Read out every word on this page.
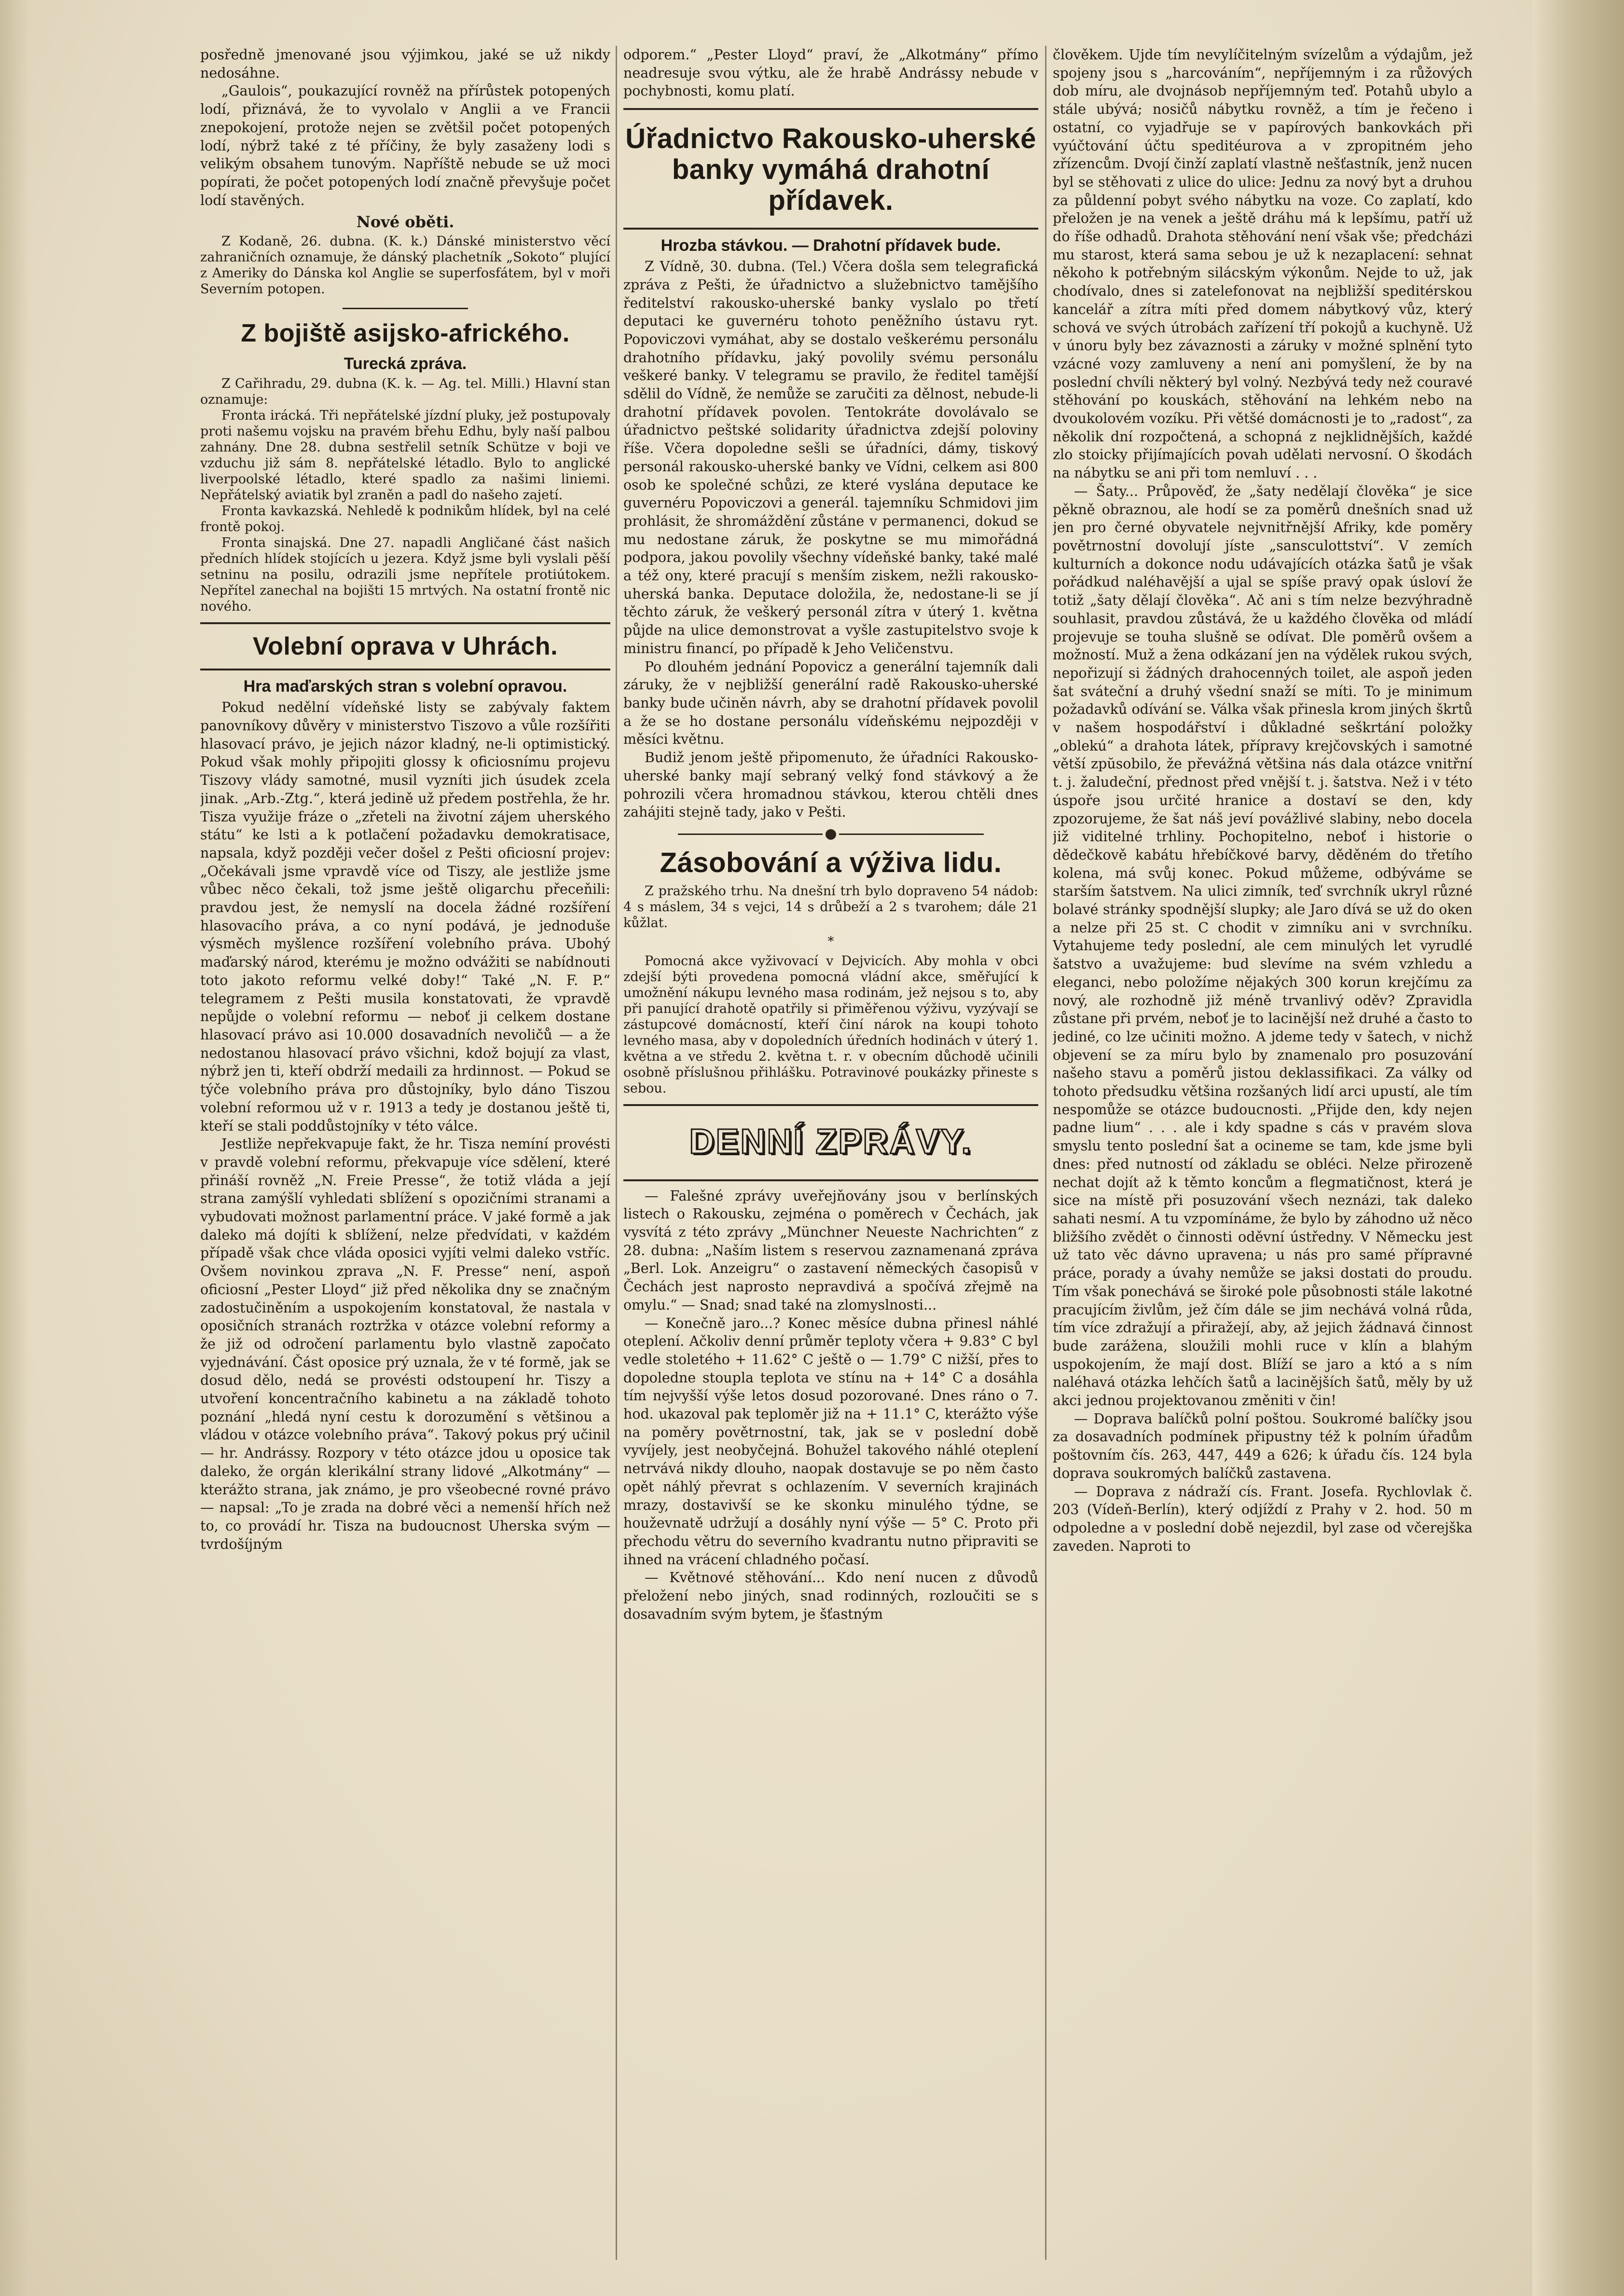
posředně jmenované jsou výjimkou, jaké se už nikdy nedosáhne.

„Gaulois“, poukazující rovněž na přírůstek potopených lodí, přiznává, že to vyvolalo v Anglii a ve Francii znepokojení, protože nejen se zvětšil počet potopených lodí, nýbrž také z té příčiny, že byly zasaženy lodi s velikým obsahem tunovým. Napříště nebude se už moci popírati, že počet potopených lodí značně převyšuje počet lodí stavěných.

Nové oběti.

Z Kodaně, 26. dubna. (K. k.) Dánské ministerstvo věcí zahraničních oznamuje, že dánský plachetník „Sokoto“ plující z Ameriky do Dánska kol Anglie se superfosfátem, byl v moři Severním potopen.

Z bojiště asijsko-afrického.
Turecká zpráva.

Z Cařihradu, 29. dubna (K. k. — Ag. tel. Milli.) Hlavní stan oznamuje:

Fronta irácká. Tři nepřátelské jízdní pluky, jež postupovaly proti našemu vojsku na pravém břehu Edhu, byly naší palbou zahnány. Dne 28. dubna sestřelil setník Schütze v boji ve vzduchu již sám 8. nepřátelské létadlo. Bylo to anglické liverpoolské létadlo, které spadlo za našimi liniemi. Nepřátelský aviatik byl zraněn a padl do našeho zajetí.

Fronta kavkazská. Nehledě k podnikům hlídek, byl na celé frontě pokoj.

Fronta sinajská. Dne 27. napadli Angličané část našich předních hlídek stojících u jezera. Když jsme byli vyslali pěší setninu na posilu, odrazili jsme nepřítele protiútokem. Nepřítel zanechal na bojišti 15 mrtvých. Na ostatní frontě nic nového.

Volební oprava v Uhrách.
Hra maďarských stran s volební opravou.

Pokud nedělní vídeňské listy se zabývaly faktem panovníkovy důvěry v ministerstvo Tiszovo a vůle rozšířiti hlasovací právo, je jejich názor kladný, ne-li optimistický. Pokud však mohly připojiti glossy k oficiosnímu projevu Tiszovy vlády samotné, musil vyzníti jich úsudek zcela jinak. „Arb.-Ztg.“, která jedině už předem postřehla, že hr. Tisza využije fráze o „zřeteli na životní zájem uherského státu“ ke lsti a k potlačení požadavku demokratisace, napsala, když později večer došel z Pešti oficiosní projev: „Očekávali jsme vpravdě více od Tiszy, ale jestliže jsme vůbec něco čekali, tož jsme ještě oligarchu přeceňili: pravdou jest, že nemyslí na docela žádné rozšíření hlasovacího práva, a co nyní podává, je jednoduše výsměch myšlence rozšíření volebního práva. Ubohý maďarský národ, kterému je možno odvážiti se nabídnouti toto jakoto reformu velké doby!“ Také „N. F. P.“ telegramem z Pešti musila konstatovati, že vpravdě nepůjde o volební reformu — neboť ji celkem dostane hlasovací právo asi 10.000 dosavadních nevoličů — a že nedostanou hlasovací právo všichni, kdož bojují za vlast, nýbrž jen ti, kteří obdrží medaili za hrdinnost. — Pokud se týče volebního práva pro důstojníky, bylo dáno Tiszou volební reformou už v r. 1913 a tedy je dostanou ještě ti, kteří se stali poddůstojníky v této válce.

Jestliže nepřekvapuje fakt, že hr. Tisza nemíní provésti v pravdě volební reformu, překvapuje více sdělení, které přináší rovněž „N. Freie Presse“, že totiž vláda a její strana zamýšlí vyhledati sblížení s opozičními stranami a vybudovati možnost parlamentní práce. V jaké formě a jak daleko má dojíti k sblížení, nelze předvídati, v každém případě však chce vláda oposici vyjíti velmi daleko vstříc. Ovšem novinkou zprava „N. F. Presse“ není, aspoň oficiosní „Pester Lloyd“ již před několika dny se značným zadostučiněním a uspokojením konstatoval, že nastala v oposičních stranách roztržka v otázce volební reformy a že již od odročení parlamentu bylo vlastně započato vyjednávání. Část oposice prý uznala, že v té formě, jak se dosud dělo, nedá se provésti odstoupení hr. Tiszy a utvoření koncentračního kabinetu a na základě tohoto poznání „hledá nyní cestu k dorozumění s většinou a vládou v otázce volebního práva“. Takový pokus prý učinil — hr. Andrássy. Rozpory v této otázce jdou u oposice tak daleko, že orgán klerikální strany lidové „Alkotmány“ — kterážto strana, jak známo, je pro všeobecné rovné právo — napsal: „To je zrada na dobré věci a nemenší hřích než to, co provádí hr. Tisza na budoucnost Uherska svým — tvrdošíjným

odporem.“ „Pester Lloyd“ praví, že „Alkotmány“ přímo neadresuje svou výtku, ale že hrabě Andrássy nebude v pochybnosti, komu platí.

Úřadnictvo Rakousko-uherské banky vymáhá drahotní přídavek.
Hrozba stávkou. — Drahotní přídavek bude.

Z Vídně, 30. dubna. (Tel.) Včera došla sem telegrafická zpráva z Pešti, že úřadnictvo a služebnictvo tamějšího ředitelství rakousko-uherské banky vyslalo po třetí deputaci ke guvernéru tohoto peněžního ústavu ryt. Popoviczovi vymáhat, aby se dostalo veškerému personálu drahotního přídavku, jaký povolily svému personálu veškeré banky. V telegramu se pravilo, že ředitel tamější sdělil do Vídně, že nemůže se zaručiti za dělnost, nebude-li drahotní přídavek povolen. Tentokráte dovolávalo se úřadnictvo peštské solidarity úřadnictva zdejší poloviny říše. Včera dopoledne sešli se úřadníci, dámy, tiskový personál rakousko-uherské banky ve Vídni, celkem asi 800 osob ke společné schůzi, ze které vyslána deputace ke guvernéru Popoviczovi a generál. tajemníku Schmidovi jim prohlásit, že shromáždění zůstáne v permanenci, dokud se mu nedostane záruk, že poskytne se mu mimořádná podpora, jakou povolily všechny vídeňské banky, také malé a též ony, které pracují s menším ziskem, nežli rakousko-uherská banka. Deputace doložila, že, nedostane-li se jí těchto záruk, že veškerý personál zítra v úterý 1. května půjde na ulice demonstrovat a vyšle zastupitelstvo svoje k ministru financí, po případě k Jeho Veličenstvu.

Po dlouhém jednání Popovicz a generální tajemník dali záruky, že v nejbližší generální radě Rakousko-uherské banky bude učiněn návrh, aby se drahotní přídavek povolil a že se ho dostane personálu vídeňskému nejpozději v měsíci květnu.

Budiž jenom ještě připomenuto, že úřadníci Rakousko-uherské banky mají sebraný velký fond stávkový a že pohrozili včera hromadnou stávkou, kterou chtěli dnes zahájiti stejně tady, jako v Pešti.

Zásobování a výživa lidu.

Z pražského trhu. Na dnešní trh bylo dopraveno 54 nádob: 4 s máslem, 34 s vejci, 14 s drůbeží a 2 s tvarohem; dále 21 kůžlat.

*

Pomocná akce vyživovací v Dejvicích. Aby mohla v obci zdejší býti provedena pomocná vládní akce, směřující k umožnění nákupu levného masa rodinám, jež nejsou s to, aby při panující drahotě opatřily si přiměřenou výživu, vyzývají se zástupcové domácností, kteří činí nárok na koupi tohoto levného masa, aby v dopoledních úředních hodinách v úterý 1. května a ve středu 2. května t. r. v obecním důchodě učinili osobně příslušnou přihlášku. Potravinové poukázky přineste s sebou.

DENNÍ ZPRÁVY.

— Falešné zprávy uveřejňovány jsou v berlínských listech o Rakousku, zejména o poměrech v Čechách, jak vysvítá z této zprávy „Münchner Neueste Nachrichten“ z 28. dubna: „Naším listem s reservou zaznamenaná zpráva „Berl. Lok. Anzeigru“ o zastavení německých časopisů v Čechách jest naprosto nepravdivá a spočívá zřejmě na omylu.“ — Snad; snad také na zlomyslnosti...

— Konečně jaro...? Konec měsíce dubna přinesl náhlé oteplení. Ačkoliv denní průměr teploty včera + 9.83° C byl vedle stoletého + 11.62° C ještě o — 1.79° C nižší, přes to dopoledne stoupla teplota ve stínu na + 14° C a dosáhla tím nejvyšší výše letos dosud pozorované. Dnes ráno o 7. hod. ukazoval pak teploměr již na + 11.1° C, kterážto výše na poměry povětrnostní, tak, jak se v poslední době vyvíjely, jest neobyčejná. Bohužel takového náhlé oteplení netrvává nikdy dlouho, naopak dostavuje se po něm často opět náhlý převrat s ochlazením. V severních krajinách mrazy, dostavivší se ke skonku minulého týdne, se houževnatě udržují a dosáhly nyní výše — 5° C. Proto při přechodu větru do severního kvadrantu nutno připraviti se ihned na vrácení chladného počasí.

— Květnové stěhování... Kdo není nucen z důvodů přeložení nebo jiných, snad rodinných, rozloučiti se s dosavadním svým bytem, je šťastným

člověkem. Ujde tím nevylíčitelným svízelům a výdajům, jež spojeny jsou s „harcováním“, nepříjemným i za růžových dob míru, ale dvojnásob nepříjemným teď. Potahů ubylo a stále ubývá; nosičů nábytku rovněž, a tím je řečeno i ostatní, co vyjadřuje se v papírových bankovkách při vyúčtování účtu speditéurova a v zpropitném jeho zřízencům. Dvojí činží zaplatí vlastně nešťastník, jenž nucen byl se stěhovati z ulice do ulice: Jednu za nový byt a druhou za půldenní pobyt svého nábytku na voze. Co zaplatí, kdo přeložen je na venek a ještě dráhu má k lepšímu, patří už do říše odhadů. Drahota stěhování není však vše; předcházi mu starost, která sama sebou je už k nezaplacení: sehnat někoho k potřebným silácským výkonům. Nejde to už, jak chodívalo, dnes si zatelefonovat na nejbližší speditérskou kancelář a zítra míti před domem nábytkový vůz, který schová ve svých útrobách zařízení tří pokojů a kuchyně. Už v únoru byly bez závaznosti a záruky v možné splnění tyto vzácné vozy zamluveny a není ani pomyšlení, že by na poslední chvíli některý byl volný. Nezbývá tedy než couravé stěhování po kouskách, stěhování na lehkém nebo na dvoukolovém vozíku. Při většé domácnosti je to „radost“, za několik dní rozpočtená, a schopná z nejklidnějších, každé zlo stoicky přijímajících povah udělati nervosní. O škodách na nábytku se ani při tom nemluví . . .

— Šaty... Průpověď, že „šaty nedělají člověka“ je sice pěkně obraznou, ale hodí se za poměrů dnešních snad už jen pro černé obyvatele nejvnitřnější Afriky, kde poměry povětrnostní dovolují jíste „sansculottství“. V zemích kulturních a dokonce nodu udávajících otázka šatů je však pořádkud naléhavější a ujal se spíše pravý opak úsloví že totiž „šaty dělají člověka“. Ač ani s tím nelze bezvýhradně souhlasit, pravdou zůstává, že u každého člověka od mládí projevuje se touha slušně se odívat. Dle poměrů ovšem a možností. Muž a žena odkázaní jen na výdělek rukou svých, nepořizují si žádných drahocenných toilet, ale aspoň jeden šat sváteční a druhý všední snaží se míti. To je minimum požadavků odívání se. Válka však přinesla krom jiných škrtů v našem hospodářství i důkladné seškrtání položky „oblekú“ a drahota látek, přípravy krejčovských i samotné větší zpŭsobilo, že převážná většina nás dala otázce vnitřní t. j. žaludeční, přednost před vnější t. j. šatstva. Než i v této úspoře jsou určité hranice a dostaví se den, kdy zpozorujeme, že šat náš jeví povážlivé slabiny, nebo docela již viditelné trhliny. Pochopitelno, neboť i historie o dědečkově kabátu hřebíčkové barvy, děděném do třetího kolena, má svůj konec. Pokud můžeme, odbýváme se starším šatstvem. Na ulici zimník, teď svrchník ukryl různé bolavé stránky spodnější slupky; ale Jaro dívá se už do oken a nelze při 25 st. C chodit v zimníku ani v svrchníku. Vytahujeme tedy poslední, ale cem minulých let vyrudlé šatstvo a uvažujeme: bud slevíme na svém vzhledu a eleganci, nebo položíme nějakých 300 korun krejčímu za nový, ale rozhodně již méně trvanlivý oděv? Zpravidla zůstane při prvém, neboť je to lacinější než druhé a často to jediné, co lze učiniti možno. A jdeme tedy v šatech, v nichž objevení se za míru bylo by znamenalo pro posuzování našeho stavu a poměrů jistou deklassifikaci. Za války od tohoto předsudku většina rozšaných lidí arci upustí, ale tím nespomůže se otázce budoucnosti. „Přijde den, kdy nejen padne lium“ . . . ale i kdy spadne s cás v pravém slova smyslu tento poslední šat a ocineme se tam, kde jsme byli dnes: před nutností od základu se obléci. Nelze přirozeně nechat dojít až k těmto koncům a flegmatičnost, která je sice na místě při posuzování všech neznázi, tak daleko sahati nesmí. A tu vzpomínáme, že bylo by záhodno už něco bližšího zvědět o činnosti oděvní ústředny. V Německu jest už tato věc dávno upravena; u nás pro samé přípravné práce, porady a úvahy nemůže se jaksi dostati do proudu. Tím však ponechává se široké pole působnosti stále lakotné pracujícím živlům, jež čím dále se jim nechává volná růda, tím více zdražují a přiražejí, aby, až jejich žádnavá činnost bude zarážena, sloužili mohli ruce v klín a blahým uspokojením, že mají dost. Blíží se jaro a któ a s ním naléhavá otázka lehčích šatů a lacinějších šatů, měly by už akci jednou projektovanou změniti v čin!

— Doprava balíčků polní poštou. Soukromé balíčky jsou za dosavadních podmínek připustny též k polním úřadům poštovním čís. 263, 447, 449 a 626; k úřadu čís. 124 byla doprava soukromých balíčků zastavena.

— Doprava z nádraží cís. Frant. Josefa. Rychlovlak č. 203 (Vídeň-Berlín), který odjíždí z Prahy v 2. hod. 50 m odpoledne a v poslední době nejezdil, byl zase od včerejška zaveden. Naproti to
